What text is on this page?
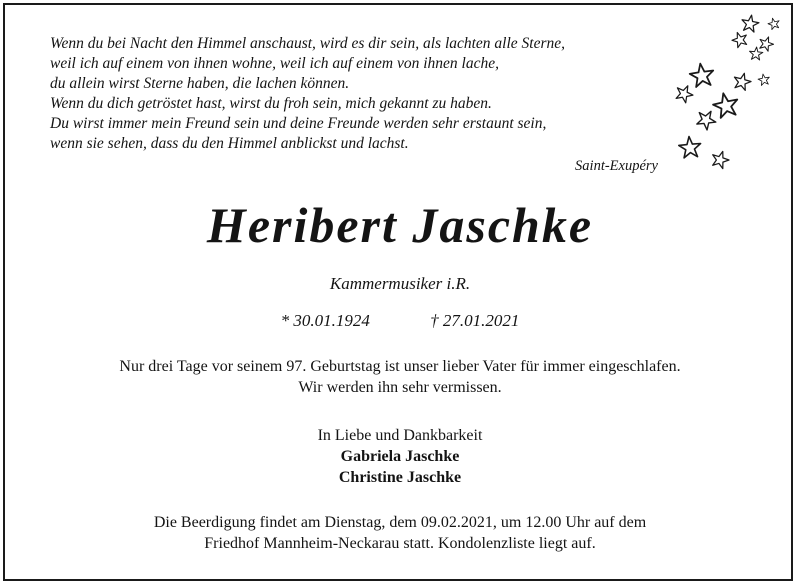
Wenn du bei Nacht den Himmel anschaust, wird es dir sein, als lachten alle Sterne,
weil ich auf einem von ihnen wohne, weil ich auf einem von ihnen lache,
du allein wirst Sterne haben, die lachen können.
Wenn du dich getröstet hast, wirst du froh sein, mich gekannt zu haben.
Du wirst immer mein Freund sein und deine Freunde werden sehr erstaunt sein,
wenn sie sehen, dass du den Himmel anblickst und lachst.
Saint-Exupéry
Heribert Jaschke
Kammermusiker i.R.
* 30.01.1924	† 27.01.2021
Nur drei Tage vor seinem 97. Geburtstag ist unser lieber Vater für immer eingeschlafen.
Wir werden ihn sehr vermissen.
In Liebe und Dankbarkeit
Gabriela Jaschke
Christine Jaschke
Die Beerdigung findet am Dienstag, dem 09.02.2021, um 12.00 Uhr auf dem
Friedhof Mannheim-Neckarau statt. Kondolenzliste liegt auf.
